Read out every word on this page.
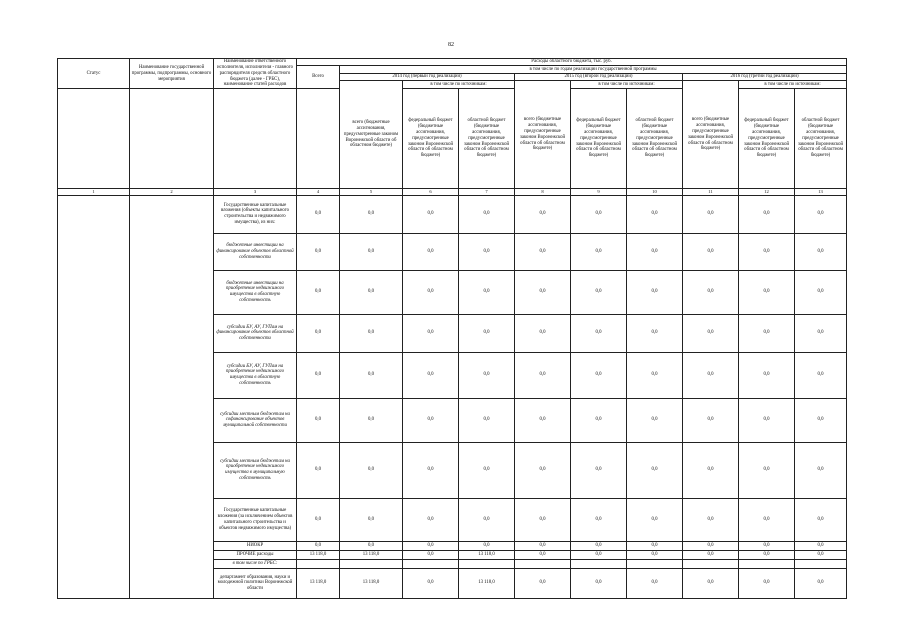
82
Статус	Наименование государственной программы, подпрограммы, основного мероприятия	Наименование ответственного исполнителя, исполнителя - главного распорядителя средств областного бюджета (далее - ГРБС), наименование статей расходов	Расходы областного бюджета, тыс. руб.									
			Всего	в том числе по годам реализации государственной программы								
				2014 год (первый год реализации)			2015 год (второй год реализации)			2016 год (третий год реализации)		
				всего (бюджетные ассигнования, предусмотренные законом Воронежской области об областном бюджете)	в том числе по источникам:		всего (бюджетные ассигнования, предусмотренные законом Воронежской области об областном бюджете)	в том числе по источникам:		всего (бюджетные ассигнования, предусмотренные законом Воронежской области об областном бюджете)	в том числе по источникам:	
					федеральный бюджет (бюджетные ассигнования, предусмотренные законом Воронежской области об областном бюджете)	областной бюджет (бюджетные ассигнования, предусмотренные законом Воронежской области об областном бюджете)		федеральный бюджет (бюджетные ассигнования, предусмотренные законом Воронежской области об областном бюджете)	областной бюджет (бюджетные ассигнования, предусмотренные законом Воронежской области об областном бюджете)		федеральный бюджет (бюджетные ассигнования, предусмотренные законом Воронежской области об областном бюджете)	областной бюджет (бюджетные ассигнования, предусмотренные законом Воронежской области об областном бюджете)
1	2	3	4	5	6	7	8	9	10	11	12	13
		Государственные капитальные вложения (объекты капитального строительства и недвижимого имущества), из них:	0,0	0,0	0,0	0,0	0,0	0,0	0,0	0,0	0,0	0,0
		бюджетные инвестиции на финансирование объектов областной собственности	0,0	0,0	0,0	0,0	0,0	0,0	0,0	0,0	0,0	0,0
		бюджетные инвестиции на приобретение недвижимого имущества в областную собственность	0,0	0,0	0,0	0,0	0,0	0,0	0,0	0,0	0,0	0,0
		субсидии БУ, АУ, ГУПам на финансирование объектов областной собственности	0,0	0,0	0,0	0,0	0,0	0,0	0,0	0,0	0,0	0,0
		субсидии БУ, АУ, ГУПам на приобретение недвижимого имущества в областную собственность	0,0	0,0	0,0	0,0	0,0	0,0	0,0	0,0	0,0	0,0
		субсидии местным бюджетам на софинансирование объектов муниципальной собственности	0,0	0,0	0,0	0,0	0,0	0,0	0,0	0,0	0,0	0,0
		субсидии местным бюджетам на приобретение недвижимого имущества в муниципальную собственность	0,0	0,0	0,0	0,0	0,0	0,0	0,0	0,0	0,0	0,0
		Государственные капитальные вложения (за исключением объектов капитального строительства и объектов недвижимого имущества)	0,0	0,0	0,0	0,0	0,0	0,0	0,0	0,0	0,0	0,0
		НИОКР	0,0	0,0	0,0	0,0	0,0	0,0	0,0	0,0	0,0	0,0
		ПРОЧИЕ расходы	13 118,0	13 118,0	0,0	13 118,0	0,0	0,0	0,0	0,0	0,0	0,0
		в том числе по ГРБС:										
		департамент образования, науки и молодежной политики Воронежской области	13 118,0	13 118,0	0,0	13 118,0	0,0	0,0	0,0	0,0	0,0	0,0
